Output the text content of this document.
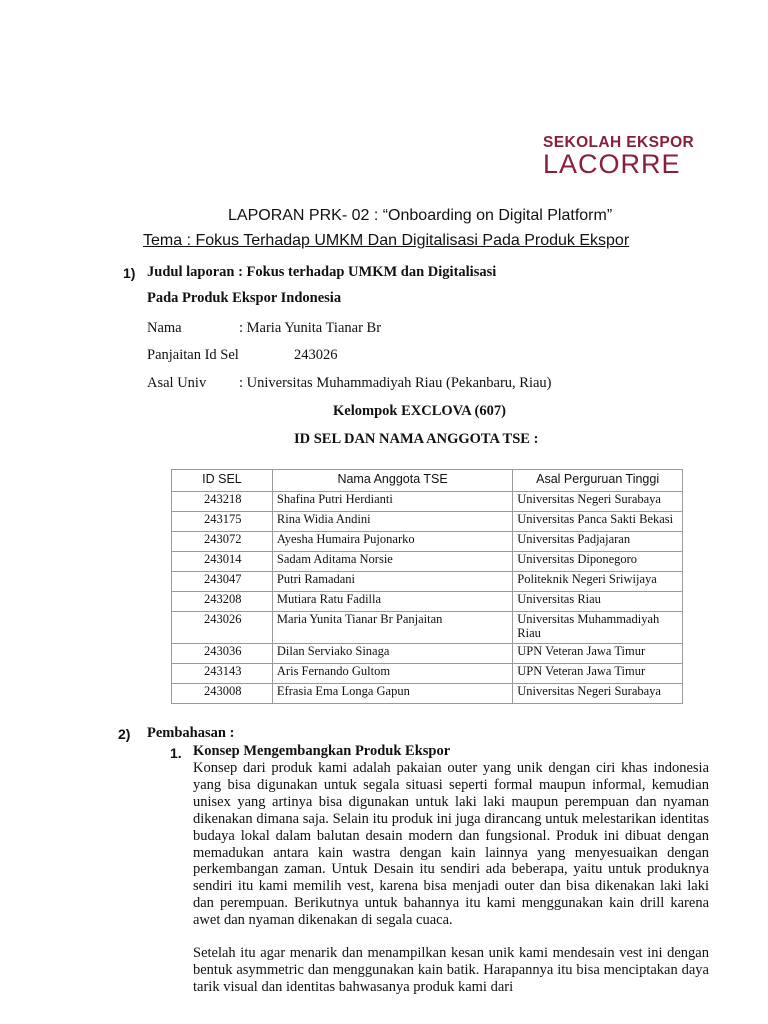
SEKOLAH EKSPOR
LACORRE
LAPORAN PRK- 02 : “Onboarding on Digital Platform”
Tema : Fokus Terhadap UMKM Dan Digitalisasi Pada Produk Ekspor
1) Judul laporan : Fokus terhadap UMKM dan Digitalisasi
Pada Produk Ekspor Indonesia
Nama	: Maria Yunita Tianar Br
Panjaitan Id Sel	243026
Asal Univ : Universitas Muhammadiyah Riau (Pekanbaru, Riau)
Kelompok EXCLOVA (607)
ID SEL DAN NAMA ANGGOTA TSE :
ID SEL	Nama Anggota TSE	Asal Perguruan Tinggi
243218	Shafina Putri Herdianti	Universitas Negeri Surabaya
243175	Rina Widia Andini	Universitas Panca Sakti Bekasi
243072	Ayesha Humaira Pujonarko	Universitas Padjajaran
243014	Sadam Aditama Norsie	Universitas Diponegoro
243047	Putri Ramadani	Politeknik Negeri Sriwijaya
243208	Mutiara Ratu Fadilla	Universitas Riau
243026	Maria Yunita Tianar Br Panjaitan	Universitas Muhammadiyah Riau
243036	Dilan Serviako Sinaga	UPN Veteran Jawa Timur
243143	Aris Fernando Gultom	UPN Veteran Jawa Timur
243008	Efrasia Ema Longa Gapun	Universitas Negeri Surabaya
2) Pembahasan :
1. Konsep Mengembangkan Produk Ekspor
Konsep dari produk kami adalah pakaian outer yang unik dengan ciri khas indonesia yang bisa digunakan untuk segala situasi seperti formal maupun informal, kemudian unisex yang artinya bisa digunakan untuk laki laki maupun perempuan dan nyaman dikenakan dimana saja. Selain itu produk ini juga dirancang untuk melestarikan identitas budaya lokal dalam balutan desain modern dan fungsional. Produk ini dibuat dengan memadukan antara kain wastra dengan kain lainnya yang menyesuaikan dengan perkembangan zaman. Untuk Desain itu sendiri ada beberapa, yaitu untuk produknya sendiri itu kami memilih vest, karena bisa menjadi outer dan bisa dikenakan laki laki dan perempuan. Berikutnya untuk bahannya itu kami menggunakan kain drill karena awet dan nyaman dikenakan di segala cuaca.
Setelah itu agar menarik dan menampilkan kesan unik kami mendesain vest ini dengan bentuk asymmetric dan menggunakan kain batik. Harapannya itu bisa menciptakan daya tarik visual dan identitas bahwasanya produk kami dari
